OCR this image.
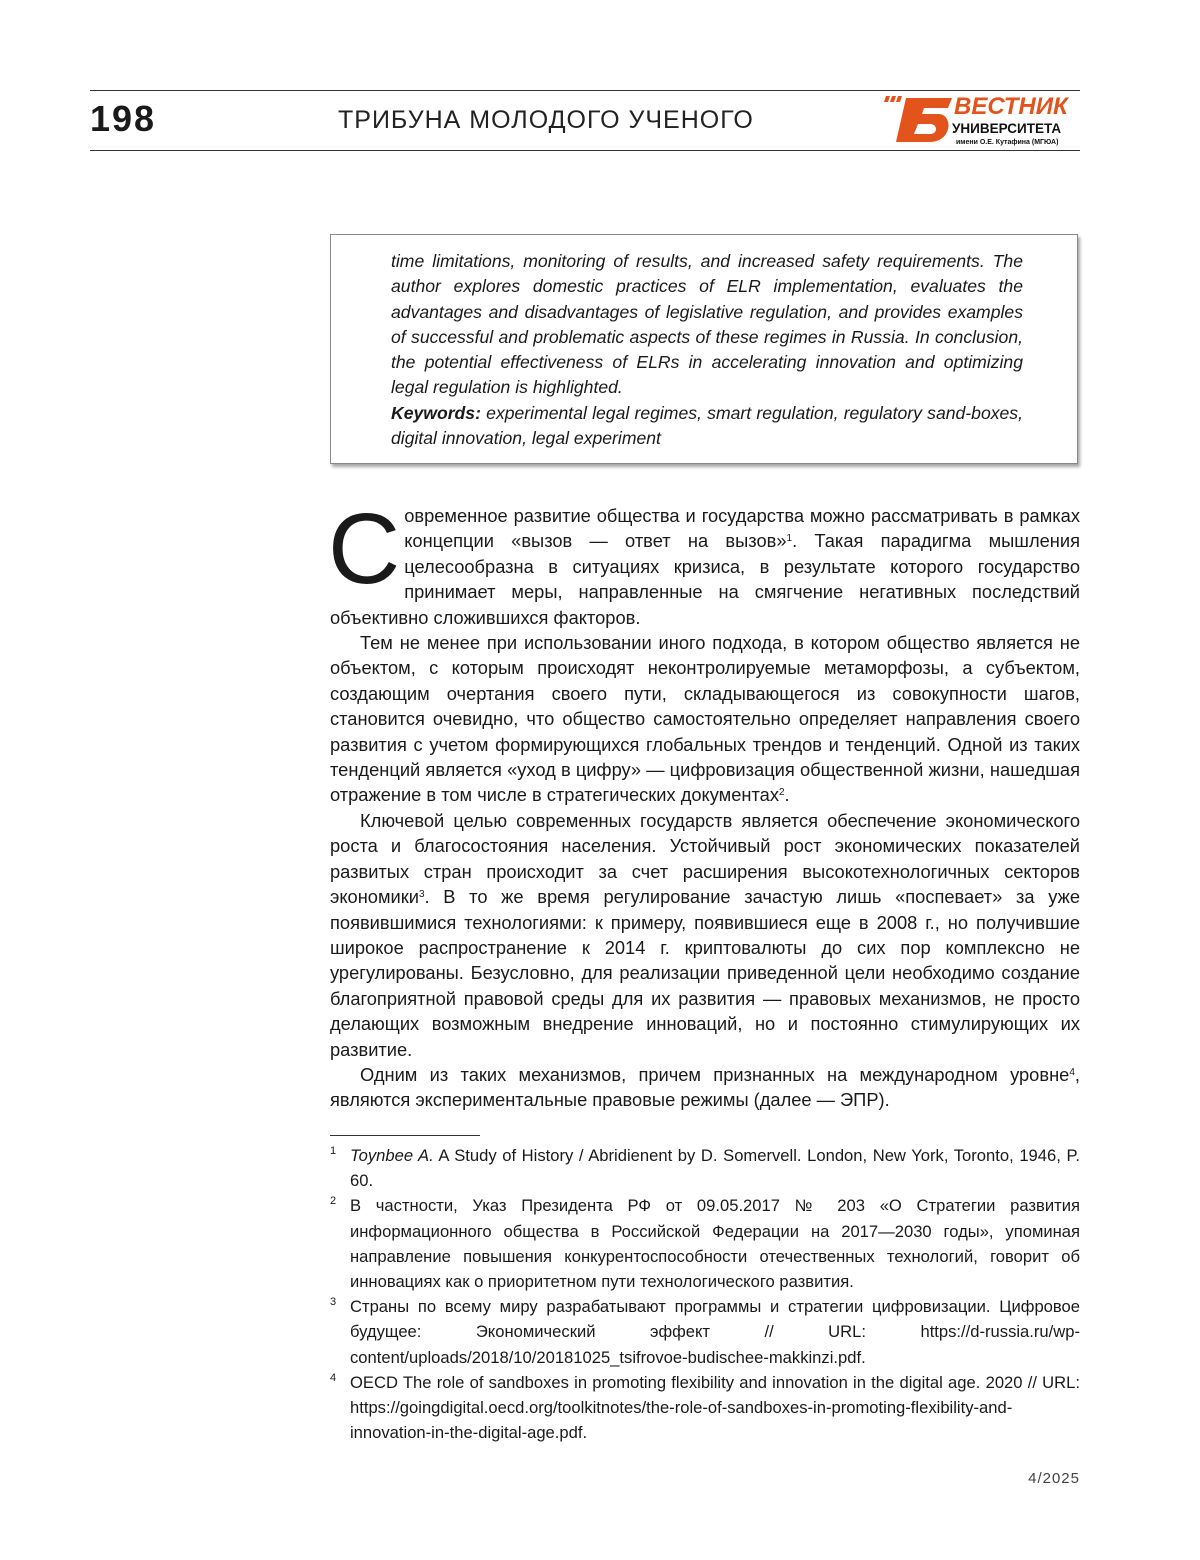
198	ТРИБУНА МОЛОДОГО УЧЕНОГО	ВЕСТНИК
УНИВЕРСИТЕТА
имени О.Е. Кутафина (МГЮА)
time limitations, monitoring of results, and increased safety requirements. The author explores domestic practices of ELR implementation, evaluates the advantages and disadvantages of legislative regulation, and provides examples of successful and problematic aspects of these regimes in Russia. In conclusion, the potential effectiveness of ELRs in accelerating innovation and optimizing legal regulation is highlighted.
Keywords: experimental legal regimes, smart regulation, regulatory sand-boxes, digital innovation, legal experiment

С овременное развитие общества и государства можно рассматривать в рамках концепции «вызов — ответ на вызов»1. Такая парадигма мышления целесообразна в ситуациях кризиса, в результате которого государство принимает меры, направленные на смягчение негативных последствий объективно сложившихся факторов.

Тем не менее при использовании иного подхода, в котором общество является не объектом, с которым происходят неконтролируемые метаморфозы, а субъектом, создающим очертания своего пути, складывающегося из совокупности шагов, становится очевидно, что общество самостоятельно определяет направления своего развития с учетом формирующихся глобальных трендов и тенденций. Одной из таких тенденций является «уход в цифру» — цифровизация общественной жизни, нашедшая отражение в том числе в стратегических документах2.

Ключевой целью современных государств является обеспечение экономического роста и благосостояния населения. Устойчивый рост экономических показателей развитых стран происходит за счет расширения высокотехнологичных секторов экономики3. В то же время регулирование зачастую лишь «поспевает» за уже появившимися технологиями: к примеру, появившиеся еще в 2008 г., но получившие широкое распространение к 2014 г. криптовалюты до сих пор комплексно не урегулированы. Безусловно, для реализации приведенной цели необходимо создание благоприятной правовой среды для их развития — правовых механизмов, не просто делающих возможным внедрение инноваций, но и постоянно стимулирующих их развитие.

Одним из таких механизмов, причем признанных на международном уровне4, являются экспериментальные правовые режимы (далее — ЭПР).

1 Toynbee A. A Study of History / Abridienent by D. Somervell. London, New York, Toronto, 1946, P. 60.
2 В частности, Указ Президента РФ от 09.05.2017 № 203 «О Стратегии развития информационного общества в Российской Федерации на 2017—2030 годы», упоминая направление повышения конкурентоспособности отечественных технологий, говорит об инновациях как о приоритетном пути технологического развития.
3 Страны по всему миру разрабатывают программы и стратегии цифровизации. Цифровое будущее: Экономический эффект // URL: https://d-russia.ru/wp-content/uploads/2018/10/20181025_tsifrovoe-budischee-makkinzi.pdf.
4 OECD The role of sandboxes in promoting flexibility and innovation in the digital age. 2020 // URL: https://goingdigital.oecd.org/toolkitnotes/the-role-of-sandboxes-in-promoting-flexibility-and-innovation-in-the-digital-age.pdf.
4/2025
